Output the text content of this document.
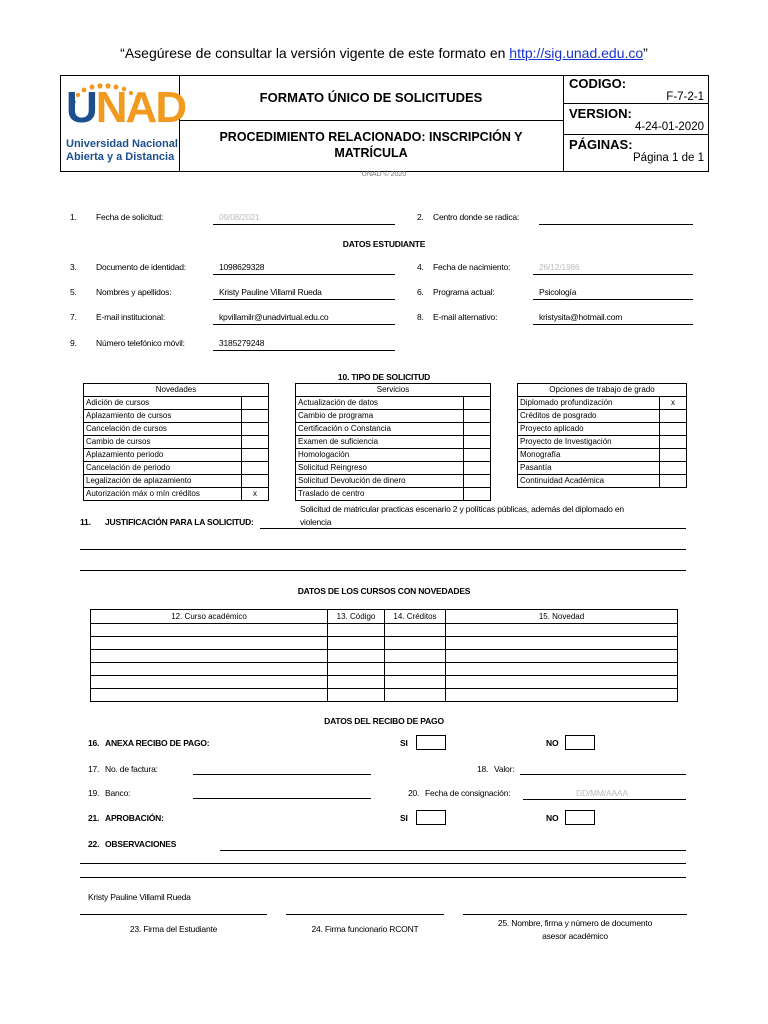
“Asegúrese de consultar la versión vigente de este formato en http://sig.unad.edu.co”
UNAD
Universidad Nacional
Abierta y a Distancia
FORMATO ÚNICO DE SOLICITUDES
PROCEDIMIENTO RELACIONADO: INSCRIPCIÓN Y MATRÍCULA
CODIGO:
F-7-2-1
VERSION:
4-24-01-2020
PÁGINAS:
Página 1 de 1
UNAD © 2020
1. Fecha de solicitud:	09/08/2021	2. Centro donde se radica:
DATOS ESTUDIANTE
3. Documento de identidad:	1098629328	4. Fecha de nacimiento:	26/12/1986
5. Nombres y apellidos:	Kristy Pauline Villamil Rueda	6. Programa actual:	Psicología
7. E-mail institucional:	kpvillamilr@unadvirtual.edu.co	8. E-mail alternativo:	kristysita@hotmail.com
9. Número telefónico móvil:	3185279248
10. TIPO DE SOLICITUD
Novedades	
Adición de cursos	
Aplazamiento de cursos	
Cancelación de cursos	
Cambio de cursos	
Aplazamiento periodo	
Cancelación de periodo	
Legalización de aplazamiento	
Autorización máx o mín créditos	x
Servicios	
Actualización de datos	
Cambio de programa	
Certificación o Constancia	
Examen de suficiencia	
Homologación	
Solicitud Reingreso	
Solicitud Devolución de dinero	
Traslado de centro	
Opciones de trabajo de grado	
Diplomado profundización	x
Créditos de posgrado	
Proyecto aplicado	
Proyecto de Investigación	
Monografía	
Pasantía	
Continuidad Académica	
11. JUSTIFICACIÓN PARA LA SOLICITUD:
Solicitud de matricular practicas escenario 2 y políticas públicas, además del diplomado en
violencia
DATOS DE LOS CURSOS CON NOVEDADES
12. Curso académico	13. Código	14. Créditos	15. Novedad

DATOS DEL RECIBO DE PAGO
16. ANEXA RECIBO DE PAGO:	SI	NO
17. No. de factura:	18. Valor:
19. Banco:	20. Fecha de consignación:	DD/MM/AAAA
21. APROBACIÓN:	SI	NO
22. OBSERVACIONES
Kristy Pauline Villamil Rueda
23. Firma del Estudiante	24. Firma funcionario RCONT
25. Nombre, firma y número de documento
asesor académico
